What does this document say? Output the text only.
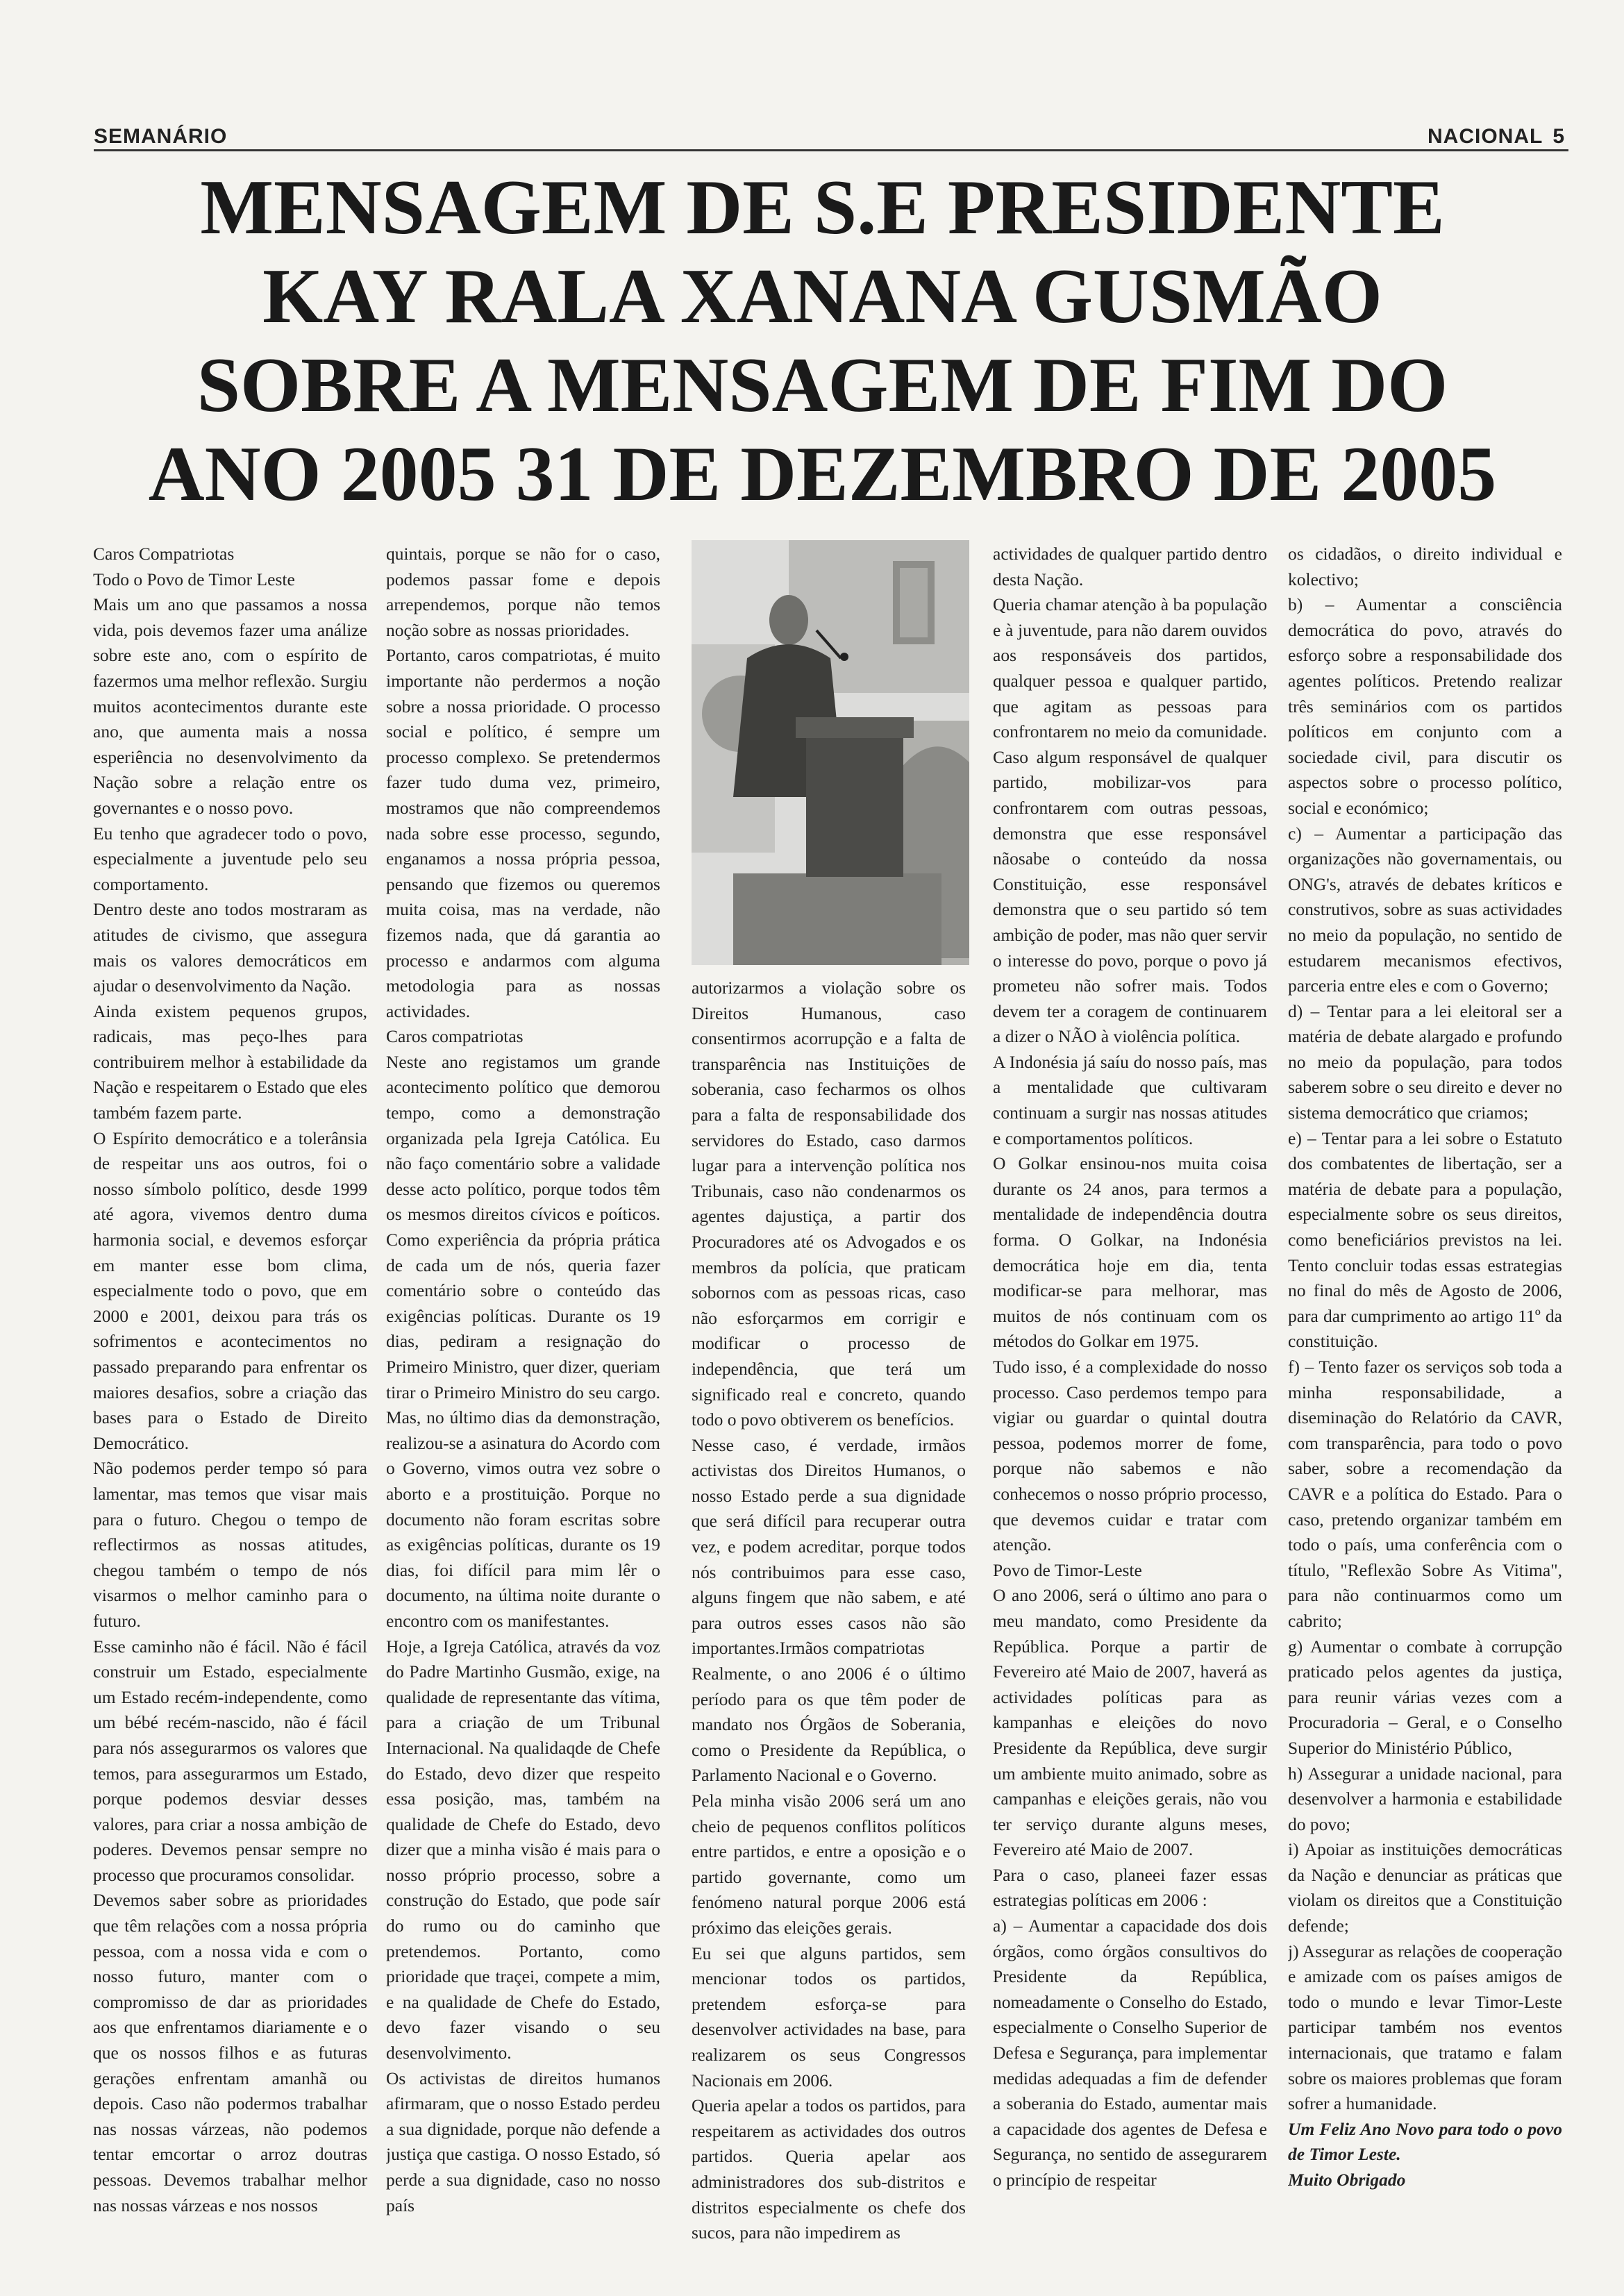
SEMANÁRIO	NACIONAL 5
MENSAGEM DE S.E PRESIDENTE
KAY RALA XANANA GUSMÃO
SOBRE A MENSAGEM DE FIM DO
ANO 2005 31 DE DEZEMBRO DE 2005

Caros Compatriotas

Todo o Povo de Timor Leste

Mais um ano que passamos a nossa vida, pois devemos fazer uma análize sobre este ano, com o espírito de fazermos uma melhor reflexão. Surgiu muitos acontecimentos durante este ano, que aumenta mais a nossa esperiência no desenvolvimento da Nação sobre a relação entre os governantes e o nosso povo.

Eu tenho que agradecer todo o povo, especialmente a juventude pelo seu comportamento.

Dentro deste ano todos mostraram as atitudes de civismo, que assegura mais os valores democráticos em ajudar o desenvolvimento da Nação.

Ainda existem pequenos grupos, radicais, mas peço-lhes para contribuirem melhor à estabilidade da Nação e respeitarem o Estado que eles também fazem parte.

O Espírito democrático e a tolerânsia de respeitar uns aos outros, foi o nosso símbolo político, desde 1999 até agora, vivemos dentro duma harmonia social, e devemos esforçar em manter esse bom clima, especialmente todo o povo, que em 2000 e 2001, deixou para trás os sofrimentos e acontecimentos no passado preparando para enfrentar os maiores desafios, sobre a criação das bases para o Estado de Direito Democrático.

Não podemos perder tempo só para lamentar, mas temos que visar mais para o futuro. Chegou o tempo de reflectirmos as nossas atitudes, chegou também o tempo de nós visarmos o melhor caminho para o futuro.

Esse caminho não é fácil. Não é fácil construir um Estado, especialmente um Estado recém-independente, como um bébé recém-nascido, não é fácil para nós assegurarmos os valores que temos, para assegurarmos um Estado, porque podemos desviar desses valores, para criar a nossa ambição de poderes. Devemos pensar sempre no processo que procuramos consolidar.

Devemos saber sobre as prioridades que têm relações com a nossa própria pessoa, com a nossa vida e com o nosso futuro, manter com o compromisso de dar as prioridades aos que enfrentamos diariamente e o que os nossos filhos e as futuras gerações enfrentam amanhã ou depois. Caso não podermos trabalhar nas nossas várzeas, não podemos tentar emcortar o arroz doutras pessoas. Devemos trabalhar melhor nas nossas várzeas e nos nossos

quintais, porque se não for o caso, podemos passar fome e depois arrependemos, porque não temos noção sobre as nossas prioridades.

Portanto, caros compatriotas, é muito importante não perdermos a noção sobre a nossa prioridade. O processo social e político, é sempre um processo complexo. Se pretendermos fazer tudo duma vez, primeiro, mostramos que não compreendemos nada sobre esse processo, segundo, enganamos a nossa própria pessoa, pensando que fizemos ou queremos muita coisa, mas na verdade, não fizemos nada, que dá garantia ao processo e andarmos com alguma metodologia para as nossas actividades.

Caros compatriotas

Neste ano registamos um grande acontecimento político que demorou tempo, como a demonstração organizada pela Igreja Católica. Eu não faço comentário sobre a validade desse acto político, porque todos têm os mesmos direitos cívicos e poíticos. Como experiência da própria prática de cada um de nós, queria fazer comentário sobre o conteúdo das exigências políticas. Durante os 19 dias, pediram a resignação do Primeiro Ministro, quer dizer, queriam tirar o Primeiro Ministro do seu cargo. Mas, no último dias da demonstração, realizou-se a asinatura do Acordo com o Governo, vimos outra vez sobre o aborto e a prostituição. Porque no documento não foram escritas sobre as exigências políticas, durante os 19 dias, foi difícil para mim lêr o documento, na última noite durante o encontro com os manifestantes.

Hoje, a Igreja Católica, através da voz do Padre Martinho Gusmão, exige, na qualidade de representante das vítima, para a criação de um Tribunal Internacional. Na qualidaqde de Chefe do Estado, devo dizer que respeito essa posição, mas, também na qualidade de Chefe do Estado, devo dizer que a minha visão é mais para o nosso próprio processo, sobre a construção do Estado, que pode saír do rumo ou do caminho que pretendemos. Portanto, como prioridade que traçei, compete a mim, e na qualidade de Chefe do Estado, devo fazer visando o seu desenvolvimento.

Os activistas de direitos humanos afirmaram, que o nosso Estado perdeu a sua dignidade, porque não defende a justiça que castiga. O nosso Estado, só perde a sua dignidade, caso no nosso país

autorizarmos a violação sobre os Direitos Humanous, caso consentirmos acorrupção e a falta de transparência nas Instituições de soberania, caso fecharmos os olhos para a falta de responsabilidade dos servidores do Estado, caso darmos lugar para a intervenção política nos Tribunais, caso não condenarmos os agentes dajustiça, a partir dos Procuradores até os Advogados e os membros da polícia, que praticam sobornos com as pessoas ricas, caso não esforçarmos em corrigir e modificar o processo de independência, que terá um significado real e concreto, quando todo o povo obtiverem os benefícios.

Nesse caso, é verdade, irmãos activistas dos Direitos Humanos, o nosso Estado perde a sua dignidade que será difícil para recuperar outra vez, e podem acreditar, porque todos nós contribuimos para esse caso, alguns fingem que não sabem, e até para outros esses casos não são importantes.Irmãos compatriotas

Realmente, o ano 2006 é o último período para os que têm poder de mandato nos Órgãos de Soberania, como o Presidente da República, o Parlamento Nacional e o Governo.

Pela minha visão 2006 será um ano cheio de pequenos conflitos políticos entre partidos, e entre a oposição e o partido governante, como um fenómeno natural porque 2006 está próximo das eleições gerais.

Eu sei que alguns partidos, sem mencionar todos os partidos, pretendem esforça-se para desenvolver actividades na base, para realizarem os seus Congressos Nacionais em 2006.

Queria apelar a todos os partidos, para respeitarem as actividades dos outros partidos. Queria apelar aos administradores dos sub-distritos e distritos especialmente os chefe dos sucos, para não impedirem as

actividades de qualquer partido dentro desta Nação.

Queria chamar atenção à ba população e à juventude, para não darem ouvidos aos responsáveis dos partidos, qualquer pessoa e qualquer partido, que agitam as pessoas para confrontarem no meio da comunidade. Caso algum responsável de qualquer partido, mobilizar-vos para confrontarem com outras pessoas, demonstra que esse responsável nãosabe o conteúdo da nossa Constituição, esse responsável demonstra que o seu partido só tem ambição de poder, mas não quer servir o interesse do povo, porque o povo já prometeu não sofrer mais. Todos devem ter a coragem de continuarem a dizer o NÃO à violência política.

A Indonésia já saíu do nosso país, mas a mentalidade que cultivaram continuam a surgir nas nossas atitudes e comportamentos políticos.

O Golkar ensinou-nos muita coisa durante os 24 anos, para termos a mentalidade de independência doutra forma. O Golkar, na Indonésia democrática hoje em dia, tenta modificar-se para melhorar, mas muitos de nós continuam com os métodos do Golkar em 1975.

Tudo isso, é a complexidade do nosso processo. Caso perdemos tempo para vigiar ou guardar o quintal doutra pessoa, podemos morrer de fome, porque não sabemos e não conhecemos o nosso próprio processo, que devemos cuidar e tratar com atenção.

Povo de Timor-Leste

O ano 2006, será o último ano para o meu mandato, como Presidente da República. Porque a partir de Fevereiro até Maio de 2007, haverá as actividades políticas para as kampanhas e eleições do novo Presidente da República, deve surgir um ambiente muito animado, sobre as campanhas e eleições gerais, não vou ter serviço durante alguns meses, Fevereiro até Maio de 2007.

Para o caso, planeei fazer essas estrategias políticas em 2006 :

a) – Aumentar a capacidade dos dois órgãos, como órgãos consultivos do Presidente da República, nomeadamente o Conselho do Estado, especialmente o Conselho Superior de Defesa e Segurança, para implementar medidas adequadas a fim de defender a soberania do Estado, aumentar mais a capacidade dos agentes de Defesa e Segurança, no sentido de assegurarem o princípio de respeitar

os cidadãos, o direito individual e kolectivo;

b) – Aumentar a consciência democrática do povo, através do esforço sobre a responsabilidade dos agentes políticos. Pretendo realizar três seminários com os partidos políticos em conjunto com a sociedade civil, para discutir os aspectos sobre o processo político, social e económico;

c) – Aumentar a participação das organizações não governamentais, ou ONG's, através de debates kríticos e construtivos, sobre as suas actividades no meio da população, no sentido de estudarem mecanismos efectivos, parceria entre eles e com o Governo;

d) – Tentar para a lei eleitoral ser a matéria de debate alargado e profundo no meio da população, para todos saberem sobre o seu direito e dever no sistema democrático que criamos;

e) – Tentar para a lei sobre o Estatuto dos combatentes de libertação, ser a matéria de debate para a população, especialmente sobre os seus direitos, como beneficiários previstos na lei. Tento concluir todas essas estrategias no final do mês de Agosto de 2006, para dar cumprimento ao artigo 11º da constituição.

f) – Tento fazer os serviços sob toda a minha responsabilidade, a diseminação do Relatório da CAVR, com transparência, para todo o povo saber, sobre a recomendação da CAVR e a política do Estado. Para o caso, pretendo organizar também em todo o país, uma conferência com o título, "Reflexão Sobre As Vitima", para não continuarmos como um cabrito;

g) Aumentar o combate à corrupção praticado pelos agentes da justiça, para reunir várias vezes com a Procuradoria – Geral, e o Conselho Superior do Ministério Público,

h) Assegurar a unidade nacional, para desenvolver a harmonia e estabilidade do povo;

i) Apoiar as instituições democráticas da Nação e denunciar as práticas que violam os direitos que a Constituição defende;

j) Assegurar as relações de cooperação e amizade com os países amigos de todo o mundo e levar Timor-Leste participar também nos eventos internacionais, que tratamo e falam sobre os maiores problemas que foram sofrer a humanidade.

Um Feliz Ano Novo para todo o povo de Timor Leste.

Muito Obrigado
